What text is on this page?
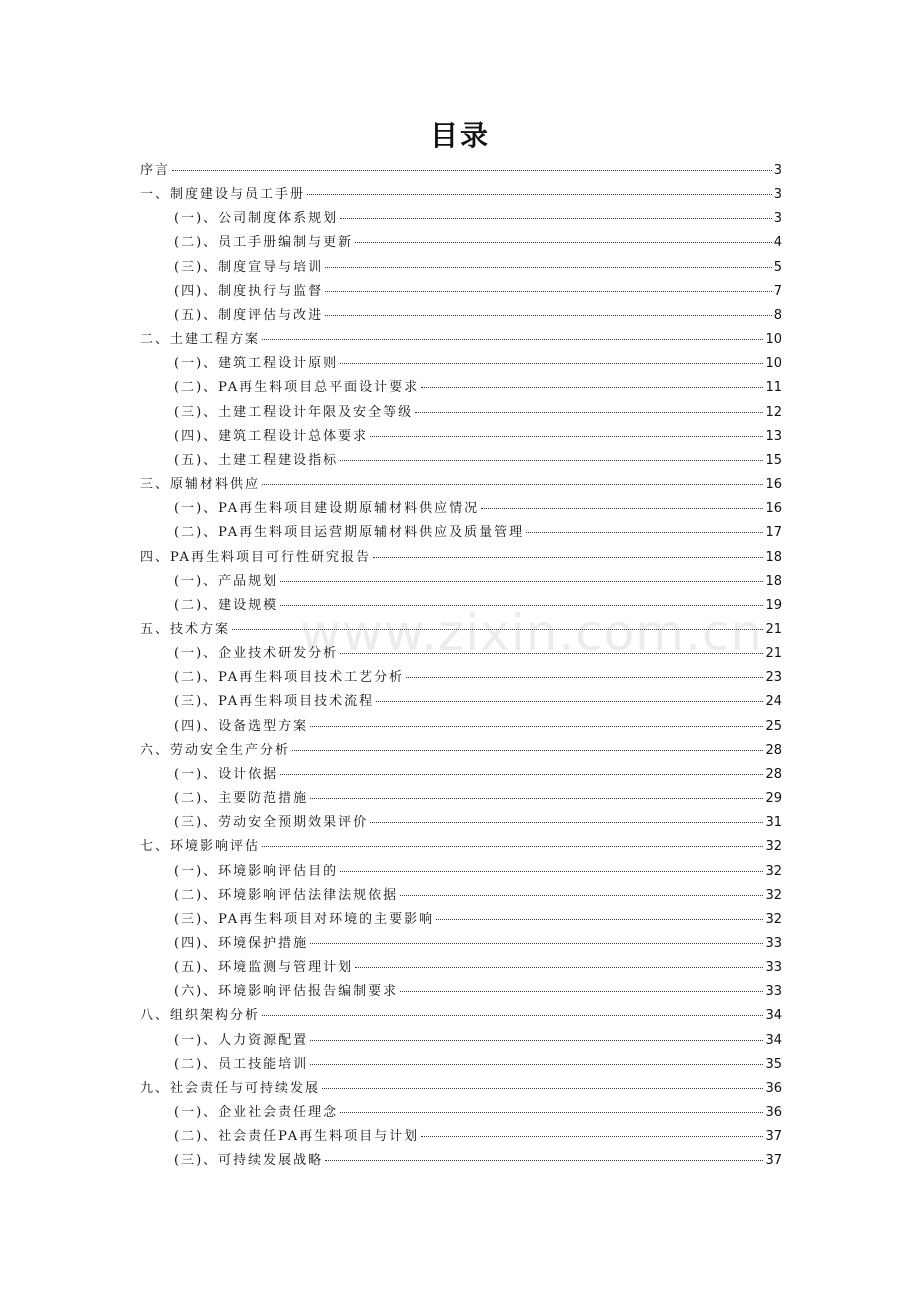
目录
www.zixin.com.cn
序言	3
一、制度建设与员工手册	3
(一)、公司制度体系规划	3
(二)、员工手册编制与更新	4
(三)、制度宣导与培训	5
(四)、制度执行与监督	7
(五)、制度评估与改进	8
二、土建工程方案	10
(一)、建筑工程设计原则	10
(二)、PA再生料项目总平面设计要求	11
(三)、土建工程设计年限及安全等级	12
(四)、建筑工程设计总体要求	13
(五)、土建工程建设指标	15
三、原辅材料供应	16
(一)、PA再生料项目建设期原辅材料供应情况	16
(二)、PA再生料项目运营期原辅材料供应及质量管理	17
四、PA再生料项目可行性研究报告	18
(一)、产品规划	18
(二)、建设规模	19
五、技术方案	21
(一)、企业技术研发分析	21
(二)、PA再生料项目技术工艺分析	23
(三)、PA再生料项目技术流程	24
(四)、设备选型方案	25
六、劳动安全生产分析	28
(一)、设计依据	28
(二)、主要防范措施	29
(三)、劳动安全预期效果评价	31
七、环境影响评估	32
(一)、环境影响评估目的	32
(二)、环境影响评估法律法规依据	32
(三)、PA再生料项目对环境的主要影响	32
(四)、环境保护措施	33
(五)、环境监测与管理计划	33
(六)、环境影响评估报告编制要求	33
八、组织架构分析	34
(一)、人力资源配置	34
(二)、员工技能培训	35
九、社会责任与可持续发展	36
(一)、企业社会责任理念	36
(二)、社会责任PA再生料项目与计划	37
(三)、可持续发展战略	37
